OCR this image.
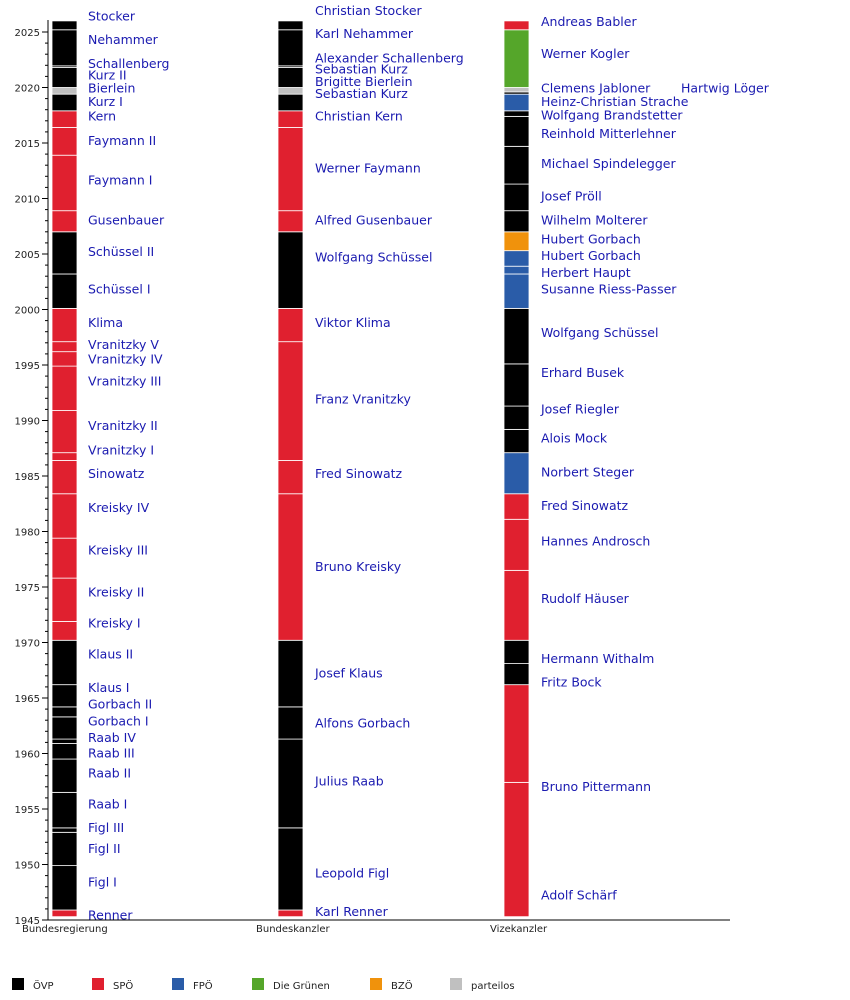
1945
1950
1955
1960
1965
1970
1975
1980
1985
1990
1995
2000
2005
2010
2015
2020
2025
Renner
Figl I
Figl II
Figl III
Raab I
Raab II
Raab III
Raab IV
Gorbach I
Gorbach II
Klaus I
Klaus II
Kreisky I
Kreisky II
Kreisky III
Kreisky IV
Sinowatz
Vranitzky I
Vranitzky II
Vranitzky III
Vranitzky IV
Vranitzky V
Klima
Schüssel I
Schüssel II
Gusenbauer
Faymann I
Faymann II
Kern
Kurz I
Bierlein
Kurz II
Schallenberg
Nehammer
Stocker
Karl Renner
Leopold Figl
Julius Raab
Alfons Gorbach
Josef Klaus
Bruno Kreisky
Fred Sinowatz
Franz Vranitzky
Viktor Klima
Wolfgang Schüssel
Alfred Gusenbauer
Werner Faymann
Christian Kern
Sebastian Kurz
Brigitte Bierlein
Sebastian Kurz
Alexander Schallenberg
Karl Nehammer
Christian Stocker
Adolf Schärf
Bruno Pittermann
Fritz Bock
Hermann Withalm
Rudolf Häuser
Hannes Androsch
Fred Sinowatz
Norbert Steger
Alois Mock
Josef Riegler
Erhard Busek
Wolfgang Schüssel
Susanne Riess-Passer
Herbert Haupt
Hubert Gorbach
Hubert Gorbach
Wilhelm Molterer
Josef Pröll
Michael Spindelegger
Reinhold Mitterlehner
Wolfgang Brandstetter
Heinz-Christian Strache
Hartwig Löger
Clemens Jabloner
Werner Kogler
Andreas Babler
Bundesregierung	Bundeskanzler	Vizekanzler
ÖVP	SPÖ	FPÖ	Die Grünen	BZÖ	parteilos
